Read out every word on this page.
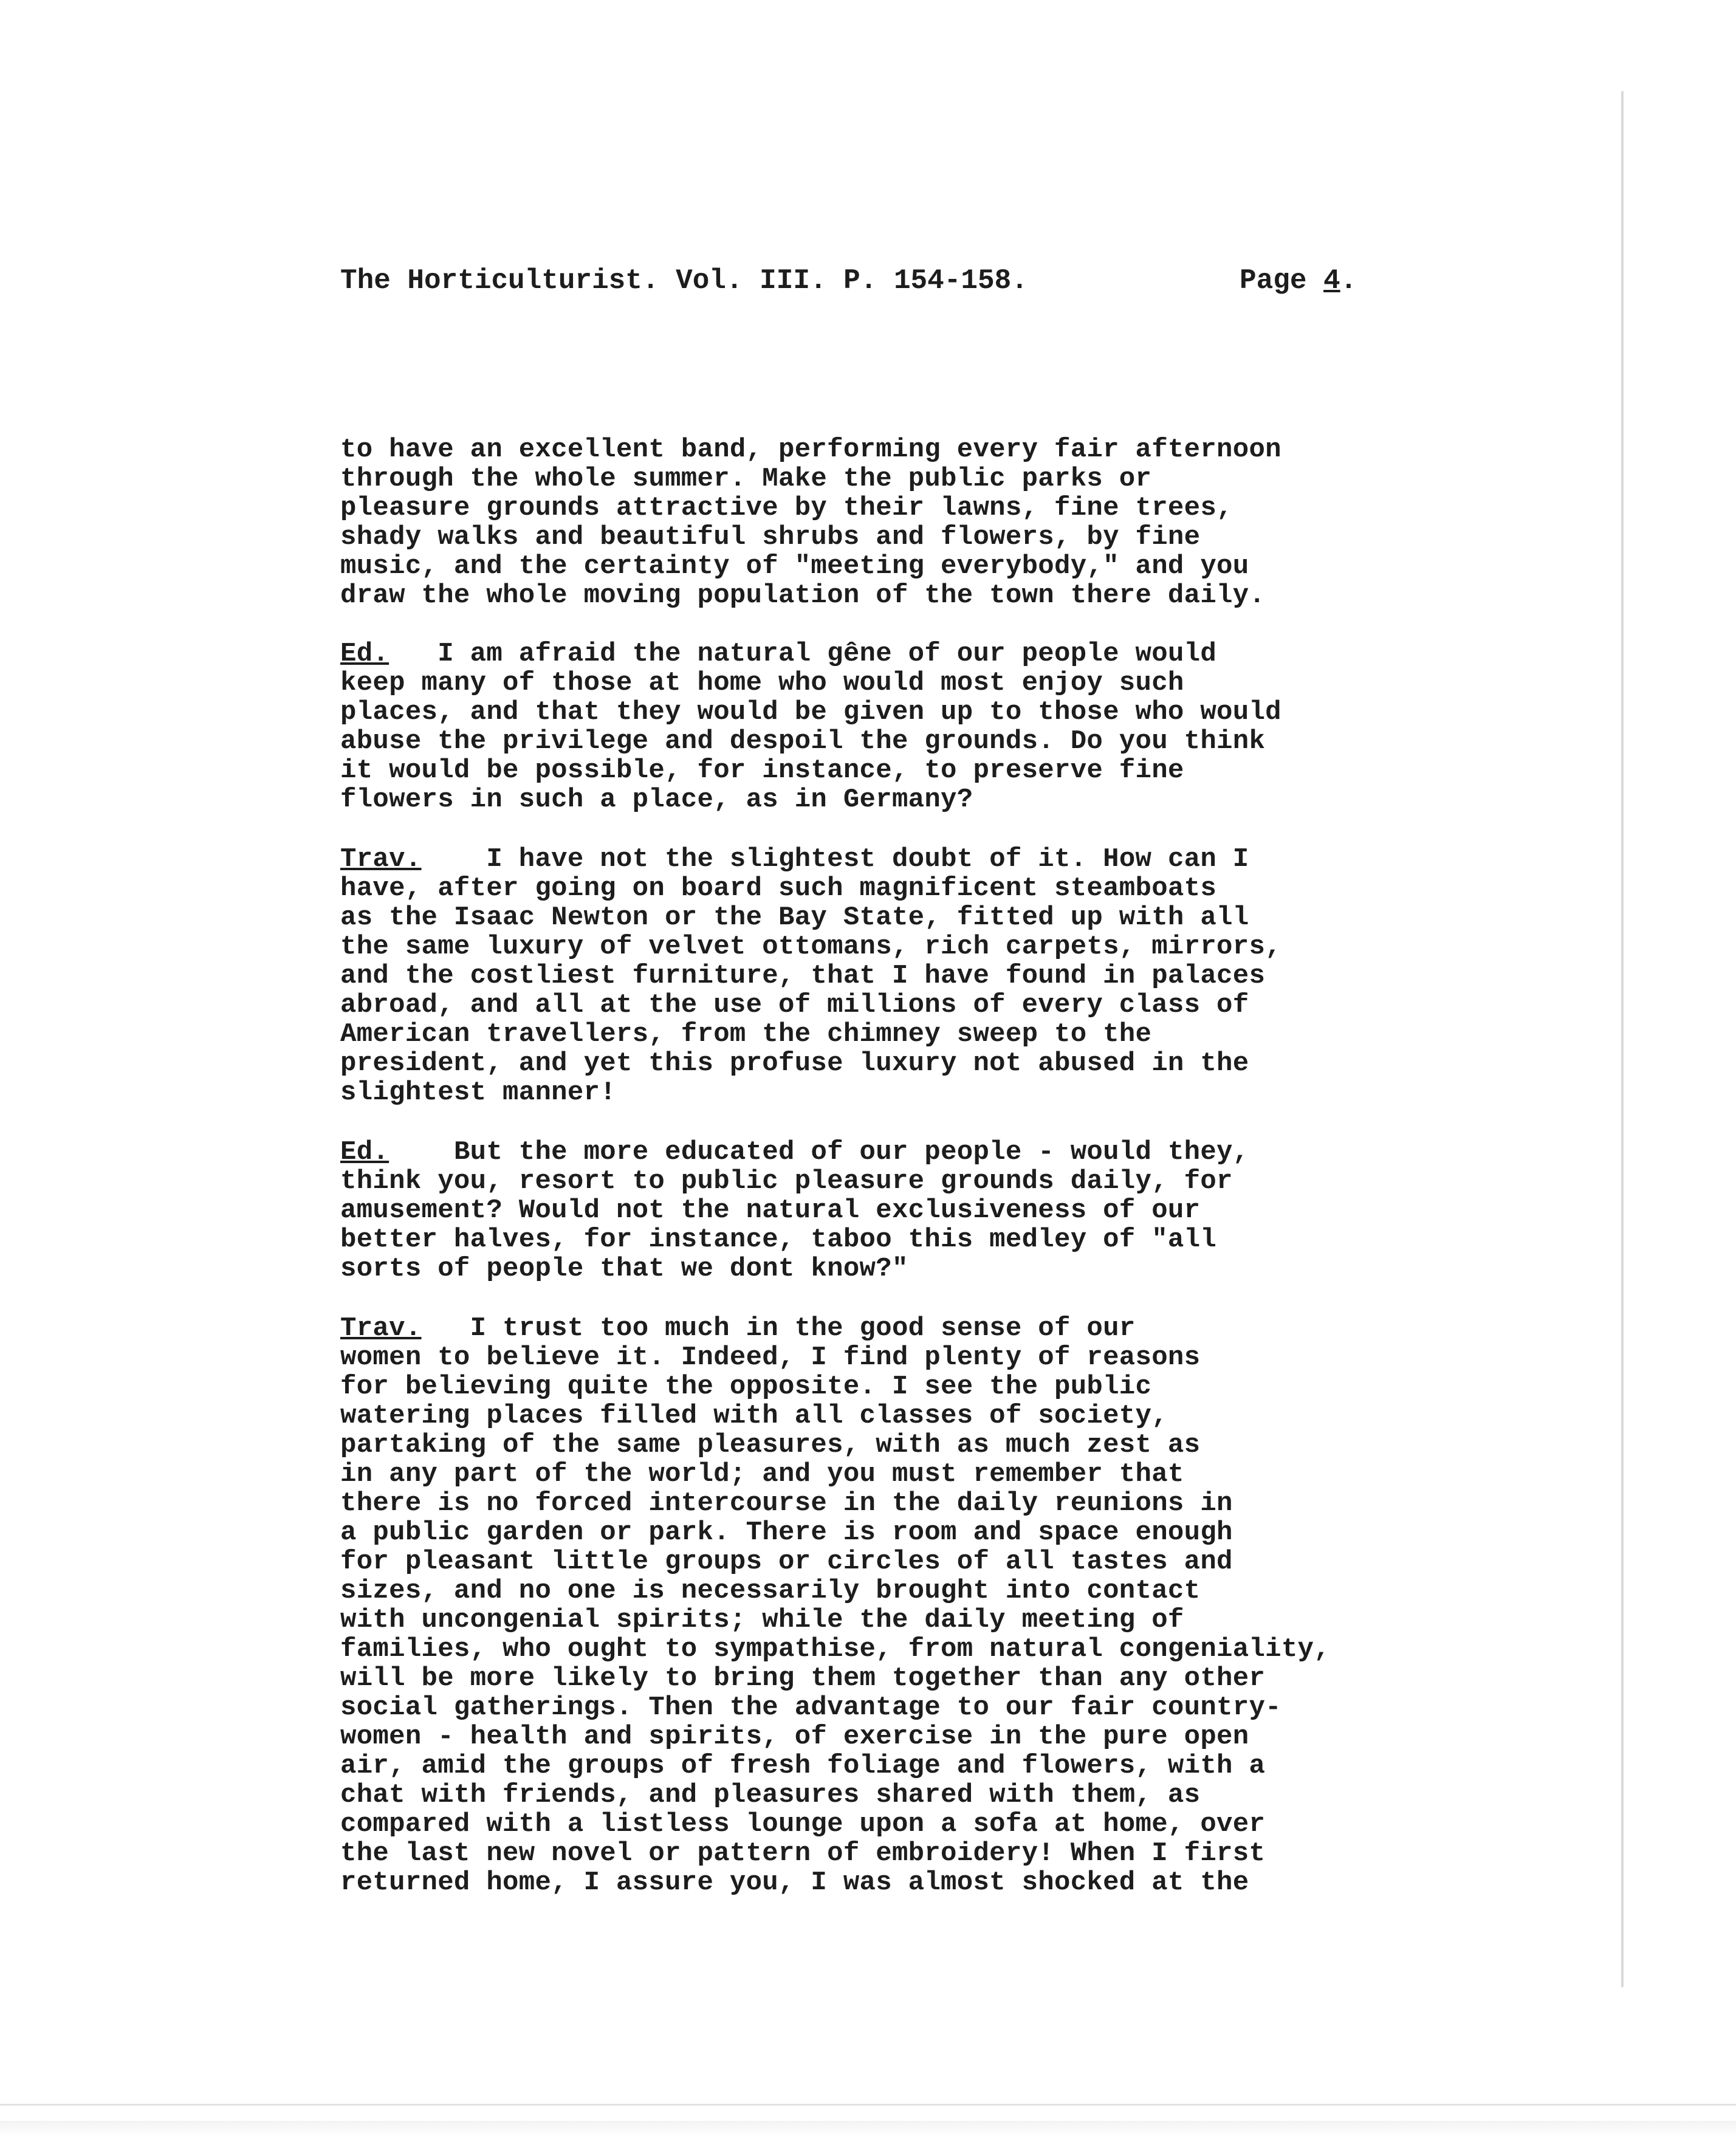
The Horticulturist. Vol. III. P. 154-158.

	Page 4.

to have an excellent band, performing every fair afternoon
through the whole summer. Make the public parks or
pleasure grounds attractive by their lawns, fine trees,
shady walks and beautiful shrubs and flowers, by fine
music, and the certainty of "meeting everybody," and you
draw the whole moving population of the town there daily.
Ed. I am afraid the natural gêne of our people would
keep many of those at home who would most enjoy such
places, and that they would be given up to those who would
abuse the privilege and despoil the grounds. Do you think
it would be possible, for instance, to preserve fine
flowers in such a place, as in Germany?
Trav. I have not the slightest doubt of it. How can I
have, after going on board such magnificent steamboats
as the Isaac Newton or the Bay State, fitted up with all
the same luxury of velvet ottomans, rich carpets, mirrors,
and the costliest furniture, that I have found in palaces
abroad, and all at the use of millions of every class of
American travellers, from the chimney sweep to the
president, and yet this profuse luxury not abused in the
slightest manner!
Ed. But the more educated of our people - would they,
think you, resort to public pleasure grounds daily, for
amusement? Would not the natural exclusiveness of our
better halves, for instance, taboo this medley of "all
sorts of people that we dont know?"
Trav. I trust too much in the good sense of our
women to believe it. Indeed, I find plenty of reasons
for believing quite the opposite. I see the public
watering places filled with all classes of society,
partaking of the same pleasures, with as much zest as
in any part of the world; and you must remember that
there is no forced intercourse in the daily reunions in
a public garden or park. There is room and space enough
for pleasant little groups or circles of all tastes and
sizes, and no one is necessarily brought into contact
with uncongenial spirits; while the daily meeting of
families, who ought to sympathise, from natural congeniality,
will be more likely to bring them together than any other
social gatherings. Then the advantage to our fair country-
women - health and spirits, of exercise in the pure open
air, amid the groups of fresh foliage and flowers, with a
chat with friends, and pleasures shared with them, as
compared with a listless lounge upon a sofa at home, over
the last new novel or pattern of embroidery! When I first
returned home, I assure you, I was almost shocked at the
